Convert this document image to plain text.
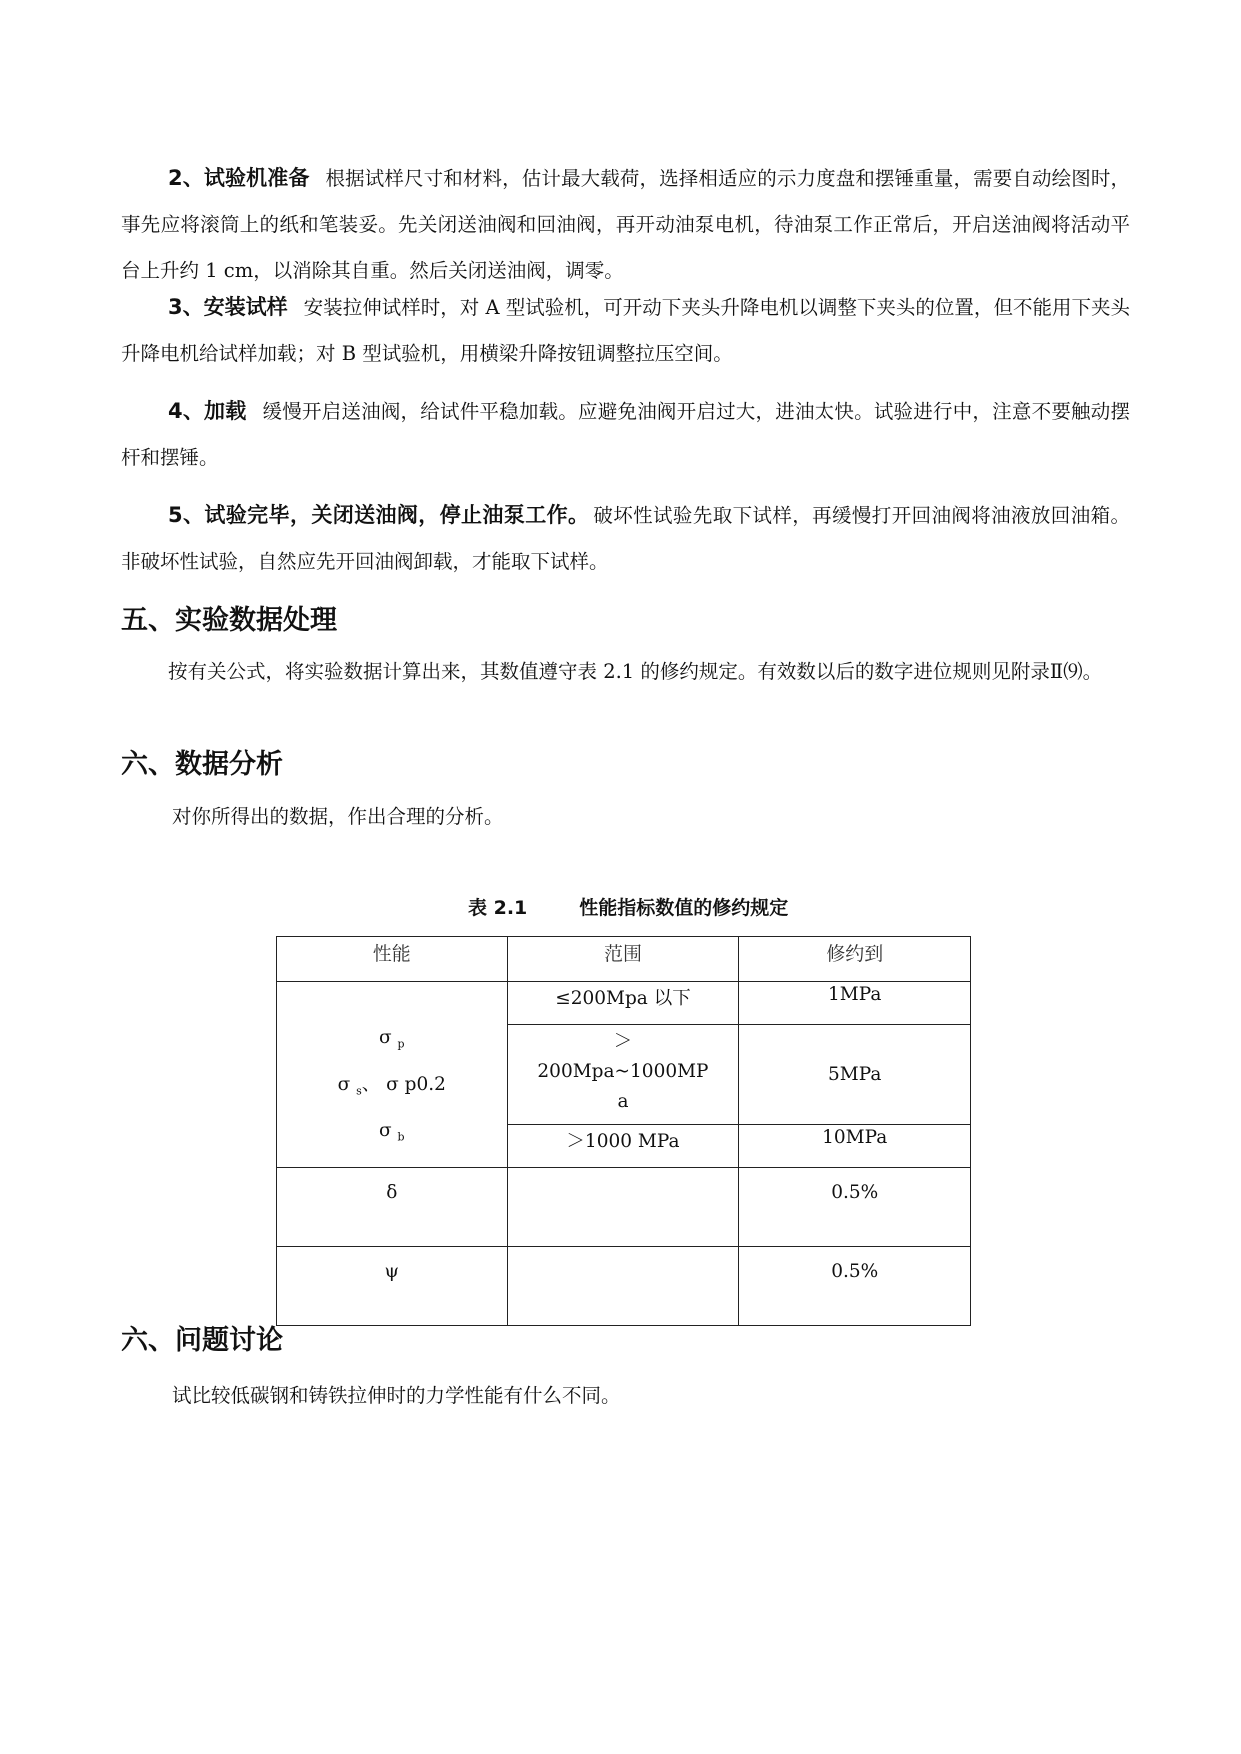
2、试验机准备 根据试样尺寸和材料，估计最大载荷，选择相适应的示力度盘和摆锤重量，需要自动绘图时，事先应将滚筒上的纸和笔装妥。先关闭送油阀和回油阀，再开动油泵电机，待油泵工作正常后，开启送油阀将活动平台上升约 1 cm，以消除其自重。然后关闭送油阀，调零。

3、安装试样 安装拉伸试样时，对 A 型试验机，可开动下夹头升降电机以调整下夹头的位置，但不能用下夹头升降电机给试样加载；对 B 型试验机，用横梁升降按钮调整拉压空间。

4、加载 缓慢开启送油阀，给试件平稳加载。应避免油阀开启过大，进油太快。试验进行中，注意不要触动摆杆和摆锤。

5、试验完毕，关闭送油阀，停止油泵工作。 破坏性试验先取下试样，再缓慢打开回油阀将油液放回油箱。非破坏性试验，自然应先开回油阀卸载，才能取下试样。

五、实验数据处理

按有关公式，将实验数据计算出来，其数值遵守表 2.1 的修约规定。有效数以后的数字进位规则见附录Ⅱ⑼。

六、数据分析

对你所得出的数据，作出合理的分析。

表 2.1	性能指标数值的修约规定

性能	范围	修约到

σ $_p$
σ $_s$、 σ p0.2
σ $_b$	≤200Mpa 以下	1MPa

	＞
200Mpa~1000MP
a	5MPa
	＞1000 MPa	10MPa
δ		0.5%
ψ		0.5%
六、问题讨论

试比较低碳钢和铸铁拉伸时的力学性能有什么不同。
